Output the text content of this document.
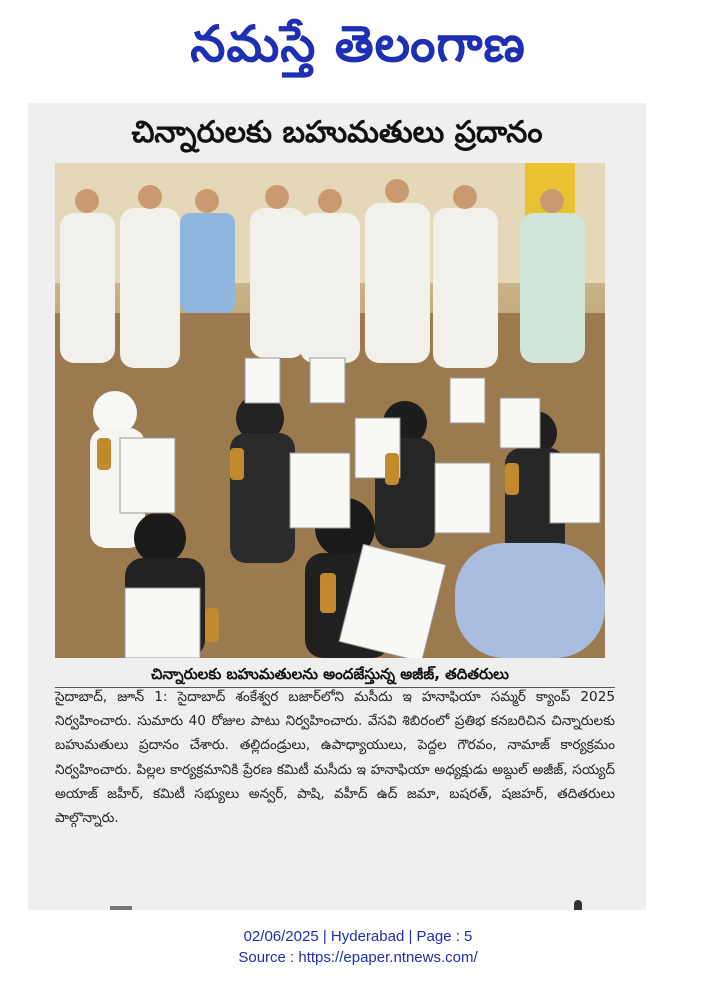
నమస్తే తెలంగాణ
చిన్నారులకు బహుమతులు ప్రదానం
చిన్నారులకు బహుమతులను అందజేస్తున్న అజీజ్, తదితరులు

సైదాబాద్, జూన్ 1: సైదాబాద్ శంకేశ్వర బజార్‌లోని మసీదు ఇ హనాఫియా సమ్మర్ క్యాంప్ 2025 నిర్వహించారు. సుమారు 40 రోజుల పాటు నిర్వహించారు. వేసవి శిబిరంలో ప్రతిభ కనబరిచిన చిన్నారులకు బహుమతులు ప్రదానం చేశారు. తల్లిదండ్రులు, ఉపాధ్యాయులు, పెద్దల గౌరవం, నామాజ్ కార్యక్రమం నిర్వహించారు. పిల్లల కార్యక్రమానికి ప్రేరణ కమిటీ మసీదు ఇ హనాఫియా అధ్యక్షుడు అబ్దుల్ అజీజ్, సయ్యద్ అయాజ్ జహీర్, కమిటీ సభ్యులు అన్వర్, పాషి, వహీద్ ఉద్ జమా, బషరత్, షజహర్, తదితరులు పాల్గొన్నారు.

02/06/2025 | Hyderabad | Page : 5
Source : https://epaper.ntnews.com/
